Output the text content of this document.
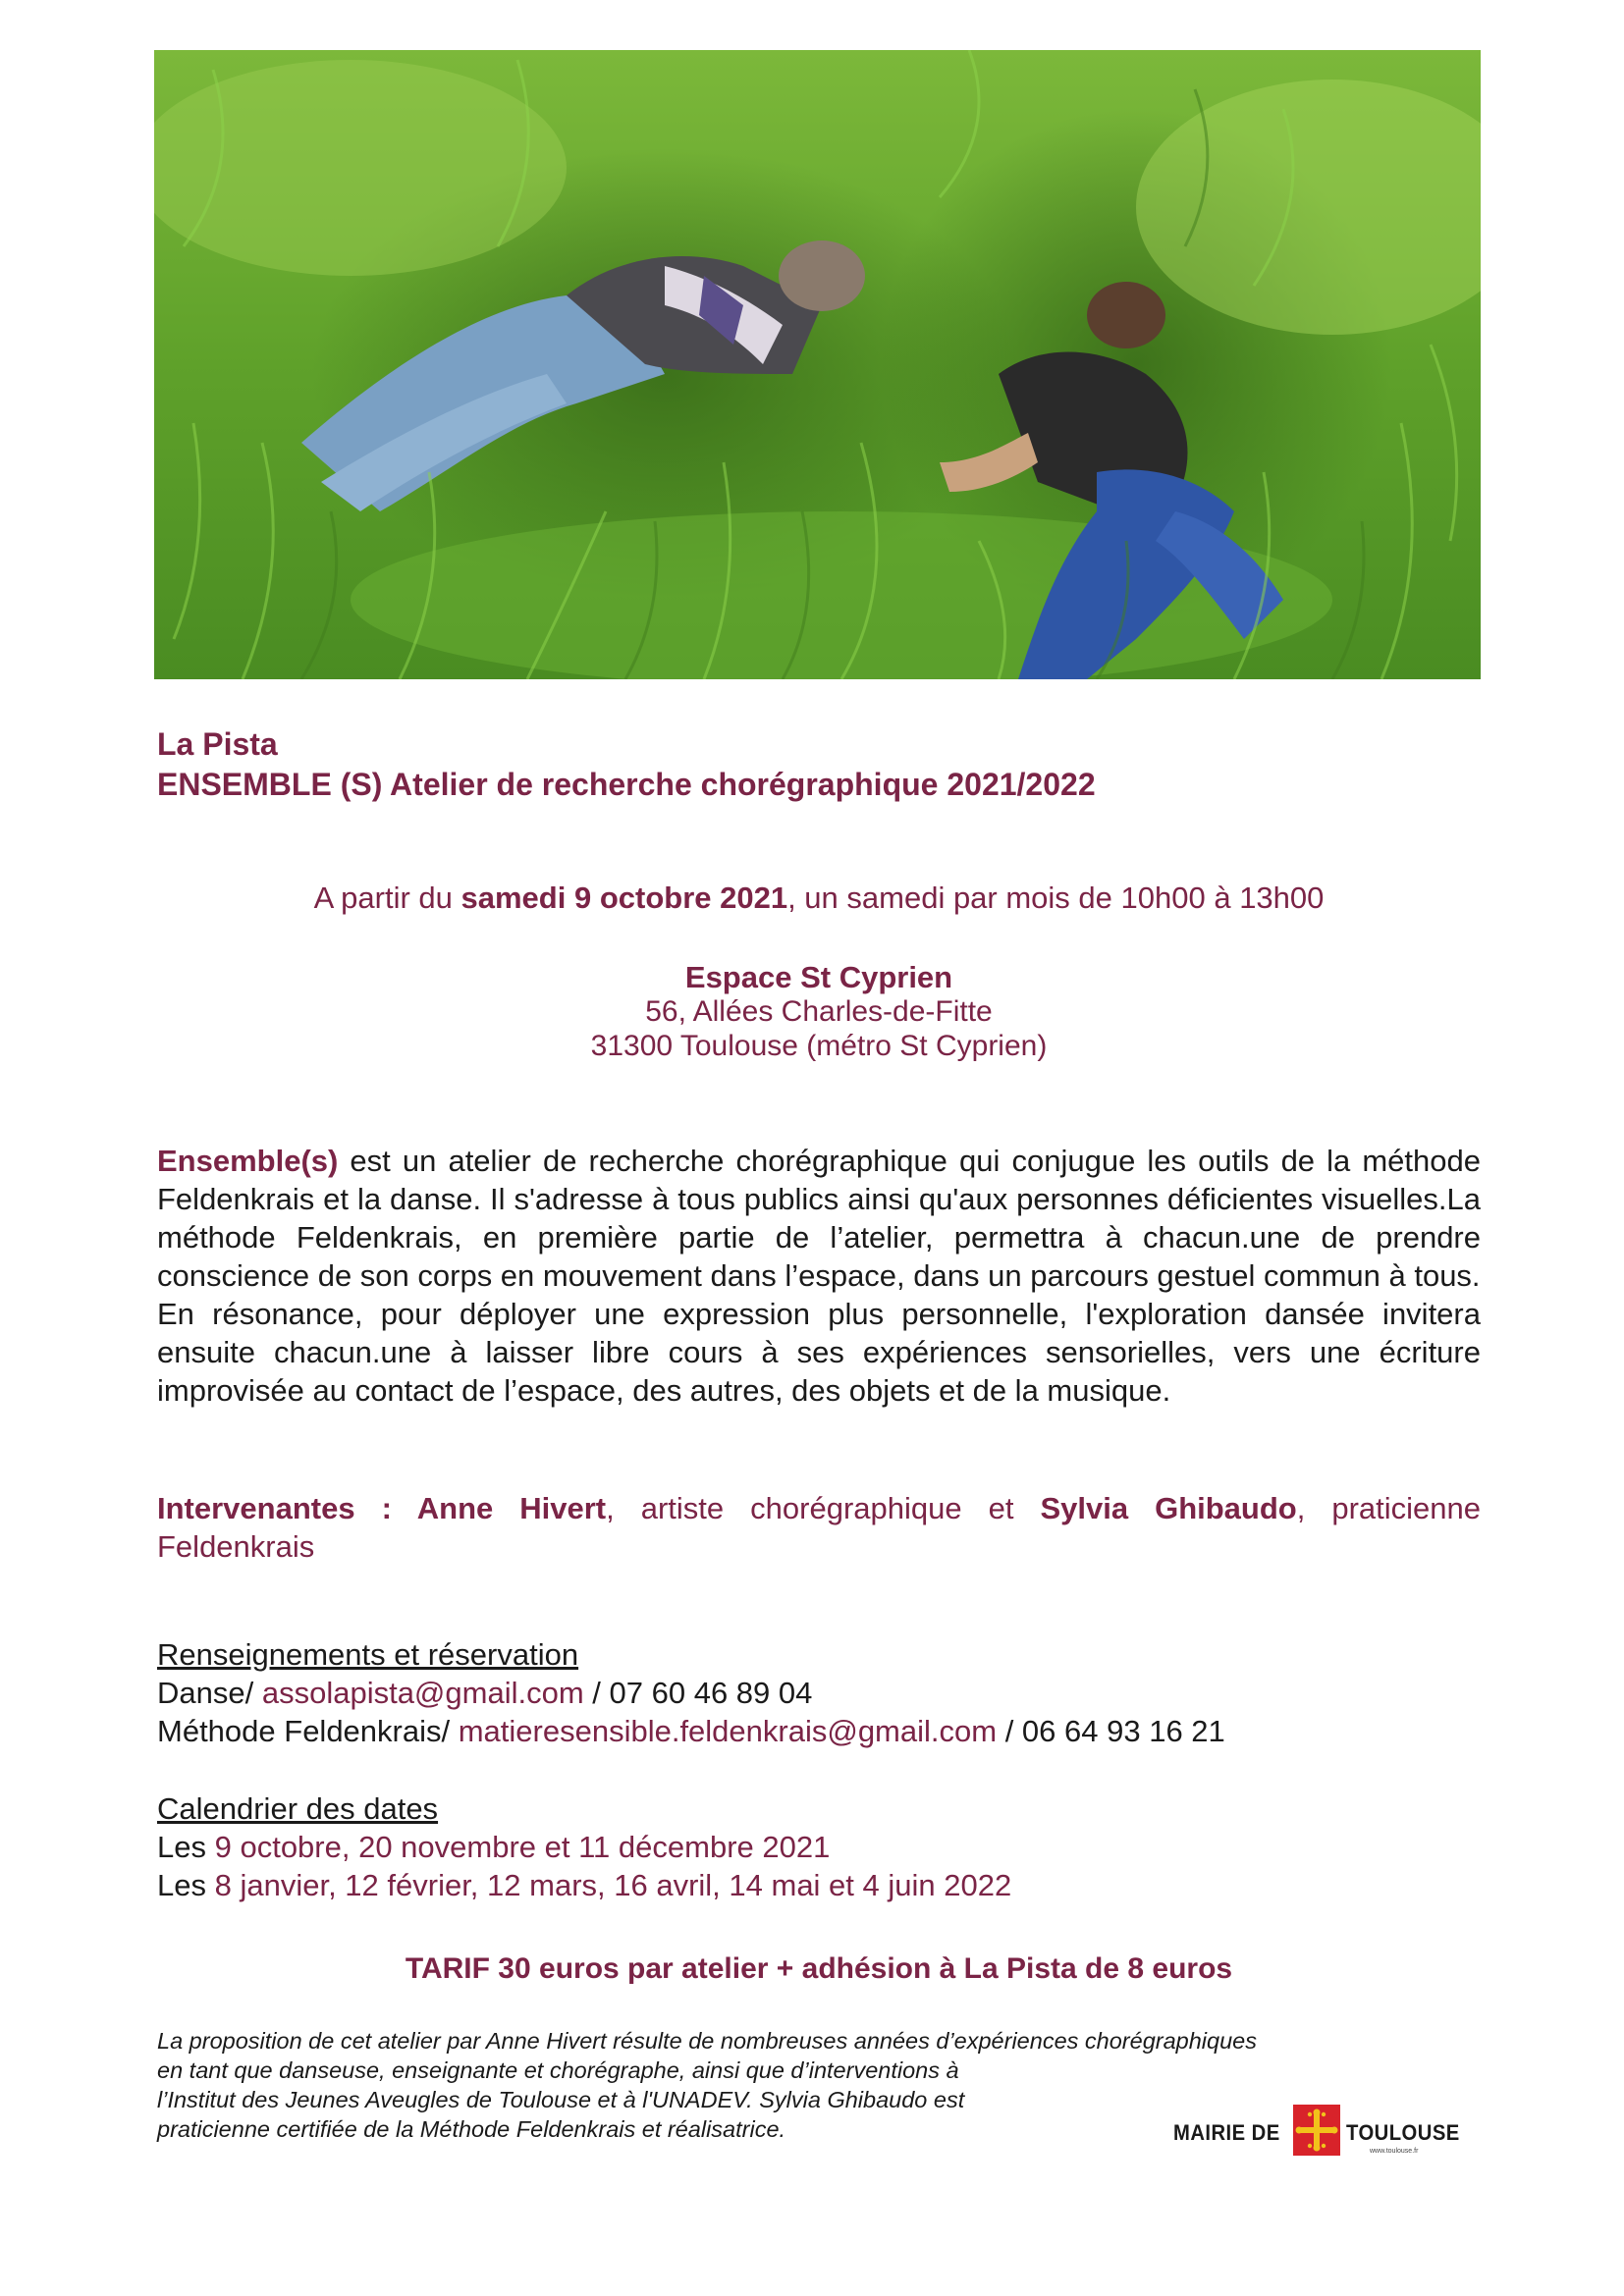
La Pista
ENSEMBLE (S) Atelier de recherche chorégraphique 2021/2022
A partir du samedi 9 octobre 2021, un samedi par mois de 10h00 à 13h00
Espace St Cyprien
56, Allées Charles-de-Fitte
31300 Toulouse (métro St Cyprien)

Ensemble(s) est un atelier de recherche chorégraphique qui conjugue les outils de la méthode Feldenkrais et la danse. Il s'adresse à tous publics ainsi qu'aux personnes déficientes visuelles.La méthode Feldenkrais, en première partie de l’atelier, permettra à chacun.une de prendre conscience de son corps en mouvement dans l’espace, dans un parcours gestuel commun à tous.

En résonance, pour déployer une expression plus personnelle, l'exploration dansée invitera ensuite chacun.une à laisser libre cours à ses expériences sensorielles, vers une écriture improvisée au contact de l’espace, des autres, des objets et de la musique.

Intervenantes : Anne Hivert, artiste chorégraphique et Sylvia Ghibaudo, praticienne Feldenkrais
Renseignements et réservation
Danse/ assolapista@gmail.com / 07 60 46 89 04
Méthode Feldenkrais/ matieresensible.feldenkrais@gmail.com / 06 64 93 16 21
Calendrier des dates
Les 9 octobre, 20 novembre et 11 décembre 2021
Les 8 janvier, 12 février, 12 mars, 16 avril, 14 mai et 4 juin 2022
TARIF 30 euros par atelier + adhésion à La Pista de 8 euros
La proposition de cet atelier par Anne Hivert résulte de nombreuses années d’expériences chorégraphiques
en tant que danseuse, enseignante et chorégraphe, ainsi que d’interventions à
l’Institut des Jeunes Aveugles de Toulouse et à l'UNADEV. Sylvia Ghibaudo est
praticienne certifiée de la Méthode Feldenkrais et réalisatrice.	MAIRIE DE	TOULOUSE
www.toulouse.fr
